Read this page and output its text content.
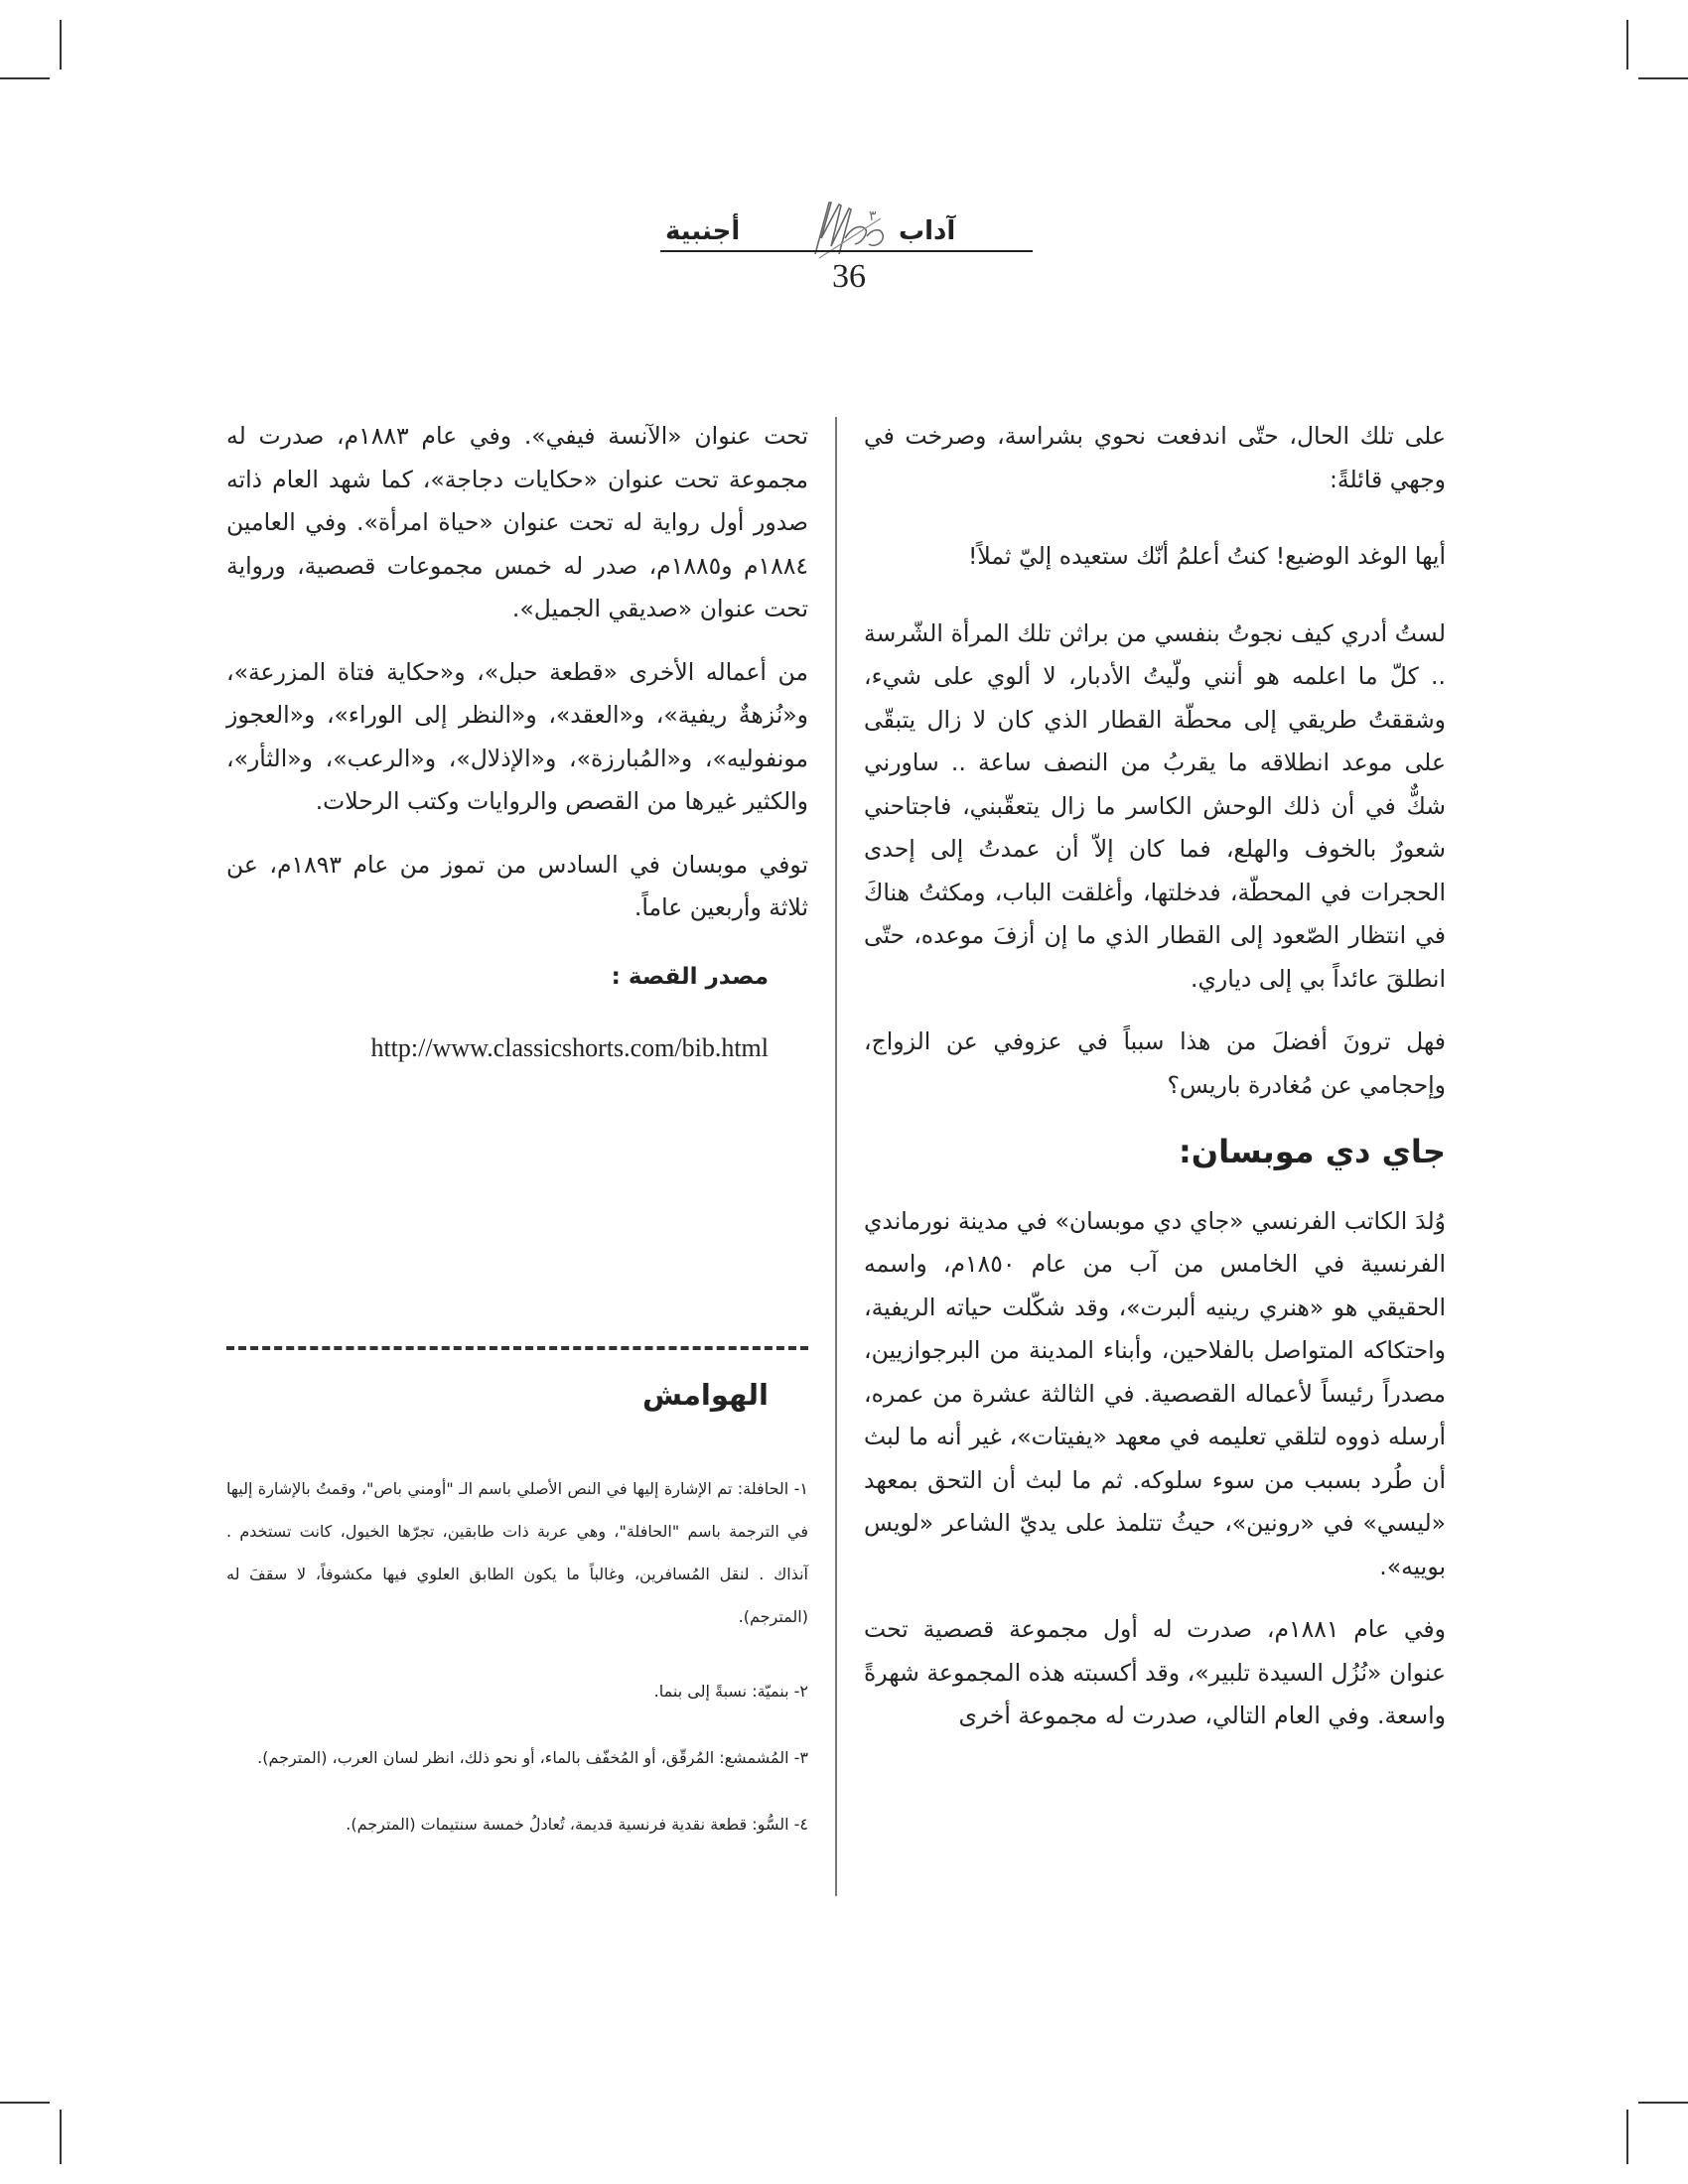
٣
أجنبية	آداب
36

على تلك الحال، حتّى اندفعت نحوي بشراسة، وصرخت في وجهي قائلةً:

أيها الوغد الوضيع! كنتُ أعلمُ أنّك ستعيده إليّ ثملاً!

لستُ أدري كيف نجوتُ بنفسي من براثن تلك المرأة الشّرسة .. كلّ ما اعلمه هو أنني ولّيتُ الأدبار، لا ألوي على شيء، وشققتُ طريقي إلى محطّة القطار الذي كان لا زال يتبقّى على موعد انطلاقه ما يقربُ من النصف ساعة .. ساورني شكٌّ في أن ذلك الوحش الكاسر ما زال يتعقّبني، فاجتاحني شعورٌ بالخوف والهلع، فما كان إلاّ أن عمدتُ إلى إحدى الحجرات في المحطّة، فدخلتها، وأغلقت الباب، ومكثتُ هناكَ في انتظار الصّعود إلى القطار الذي ما إن أزفَ موعده، حتّى انطلقَ عائداً بي إلى دياري.

فهل ترونَ أفضلَ من هذا سبباً في عزوفي عن الزواج، وإحجامي عن مُغادرة باريس؟

جاي دي موبسان:

وُلدَ الكاتب الفرنسي «جاي دي موبسان» في مدينة نورماندي الفرنسية في الخامس من آب من عام ١٨٥٠م، واسمه الحقيقي هو «هنري رينيه ألبرت»، وقد شكّلت حياته الريفية، واحتكاكه المتواصل بالفلاحين، وأبناء المدينة من البرجوازيين، مصدراً رئيساً لأعماله القصصية. في الثالثة عشرة من عمره، أرسله ذووه لتلقي تعليمه في معهد «يفيتات»، غير أنه ما لبث أن طُرد بسبب من سوء سلوكه. ثم ما لبث أن التحق بمعهد «ليسي» في «رونين»، حيثُ تتلمذ على يديّ الشاعر «لويس بوييه».

وفي عام ١٨٨١م، صدرت له أول مجموعة قصصية تحت عنوان «نُزُل السيدة تلبير»، وقد أكسبته هذه المجموعة شهرةً واسعة. وفي العام التالي، صدرت له مجموعة أخرى

تحت عنوان «الآنسة فيفي». وفي عام ١٨٨٣م، صدرت له مجموعة تحت عنوان «حكايات دجاجة»، كما شهد العام ذاته صدور أول رواية له تحت عنوان «حياة امرأة». وفي العامين ١٨٨٤م و١٨٨٥م، صدر له خمس مجموعات قصصية، ورواية تحت عنوان «صديقي الجميل».

من أعماله الأخرى «قطعة حبل»، و«حكاية فتاة المزرعة»، و«نُزهةٌ ريفية»، و«العقد»، و«النظر إلى الوراء»، و«العجوز مونفوليه»، و«المُبارزة»، و«الإذلال»، و«الرعب»، و«الثأر»، والكثير غيرها من القصص والروايات وكتب الرحلات.

توفي موبسان في السادس من تموز من عام ١٨٩٣م، عن ثلاثة وأربعين عاماً.

مصدر القصة :

http://www.classicshorts.com/bib.html

الهوامش

١- الحافلة: تم الإشارة إليها في النص الأصلي باسم الـ "أومني باص"، وقمتُ بالإشارة إليها في الترجمة باسم "الحافلة"، وهي عربة ذات طابقين، تجرّها الخيول، كانت تستخدم . آنذاك . لنقل المُسافرين، وغالباً ما يكون الطابق العلوي فيها مكشوفاً، لا سقفَ له (المترجم).

٢- بنميّة: نسبةً إلى بنما.

٣- المُشمشع: المُرقّق، أو المُخفّف بالماء، أو نحو ذلك، انظر لسان العرب، (المترجم).

٤- السُّو: قطعة نقدية فرنسية قديمة، تُعادلُ خمسة سنتيمات (المترجم).
